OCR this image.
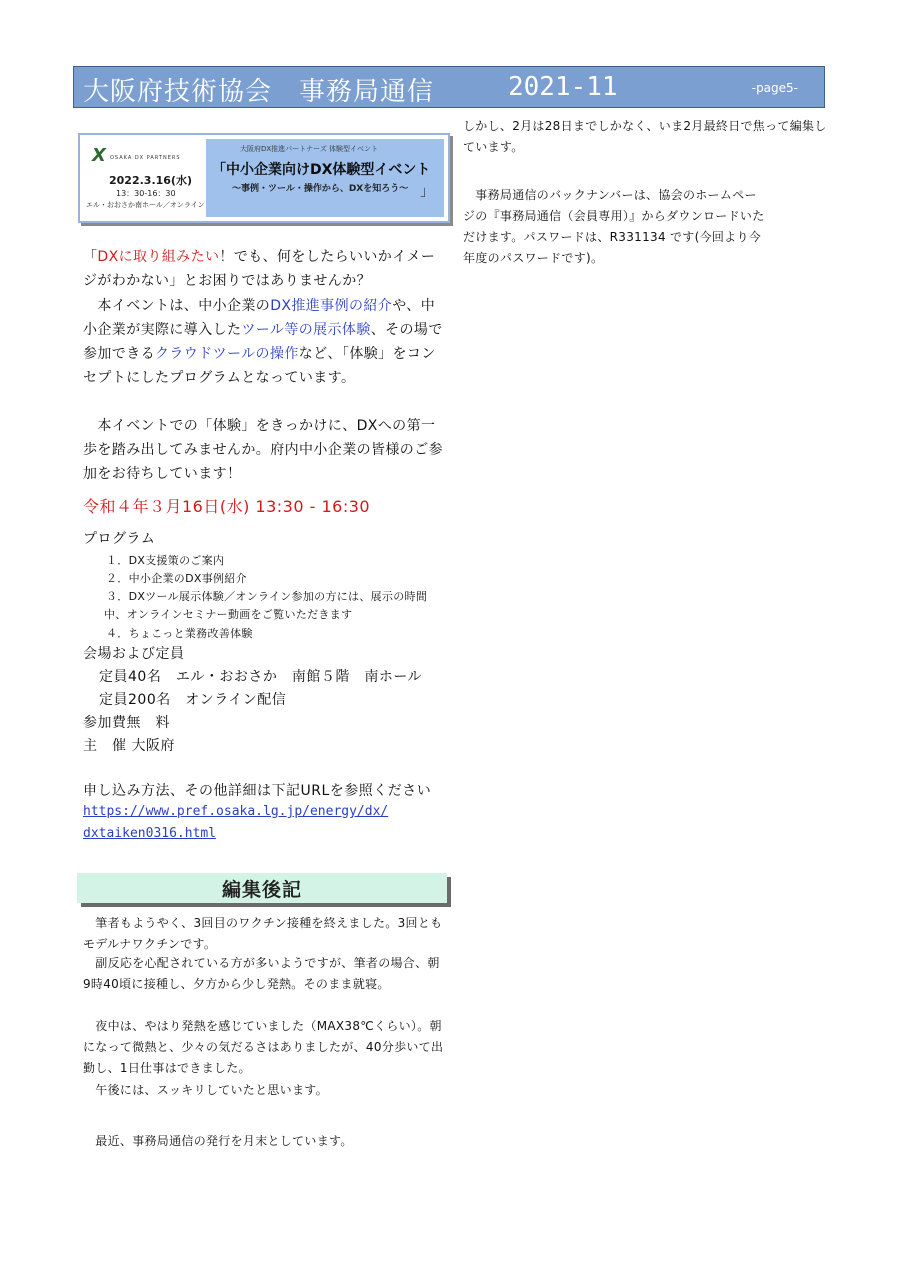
大阪府技術協会　事務局通信	2021-11	-page5-
X OSAKA DX PARTNERS
2022.3.16(水)
13：30-16：30
エル・おおさか南ホール／オンライン
大阪府DX推進パートナーズ 体験型イベント
「中小企業向けDX体験型イベント
～事例・ツール・操作から、DXを知ろう～ 」
「DXに取り組みたい！でも、何をしたらいいかイメージがわかない」とお困りではありませんか？
　本イベントは、中小企業のDX推進事例の紹介や、中小企業が実際に導入したツール等の展示体験、その場で参加できるクラウドツールの操作など、「体験」をコンセプトにしたプログラムとなっています。
　本イベントでの「体験」をきっかけに、DXへの第一歩を踏み出してみませんか。府内中小企業の皆様のご参加をお待ちしています！
令和４年３月16日(水) 13:30 - 16:30
プログラム
１．DX支援策のご案内
２．中小企業のDX事例紹介
３．DXツール展示体験／オンライン参加の方には、展示の時間
中、オンラインセミナー動画をご覧いただきます
４．ちょこっと業務改善体験
会場および定員
定員40名　エル・おおさか　南館５階　南ホール
定員200名　オンライン配信
参加費無　料
主　催 大阪府
申し込み方法、その他詳細は下記URLを参照ください
https://www.pref.osaka.lg.jp/energy/dx/
dxtaiken0316.html
編集後記
　筆者もようやく、3回目のワクチン接種を終えました。3回ともモデルナワクチンです。
　副反応を心配されている方が多いようですが、筆者の場合、朝9時40頃に接種し、夕方から少し発熱。そのまま就寝。
　夜中は、やはり発熱を感じていました（MAX38℃くらい）。朝になって微熱と、少々の気だるさはありましたが、40分歩いて出勤し、1日仕事はできました。
　午後には、スッキリしていたと思います。
　最近、事務局通信の発行を月末としています。
しかし、2月は28日までしかなく、いま2月最終日で焦って編集しています。
　事務局通信のバックナンバーは、協会のホームページの『事務局通信（会員専用）』からダウンロードいただけます。パスワードは、R331134 です(今回より今年度のパスワードです)。
